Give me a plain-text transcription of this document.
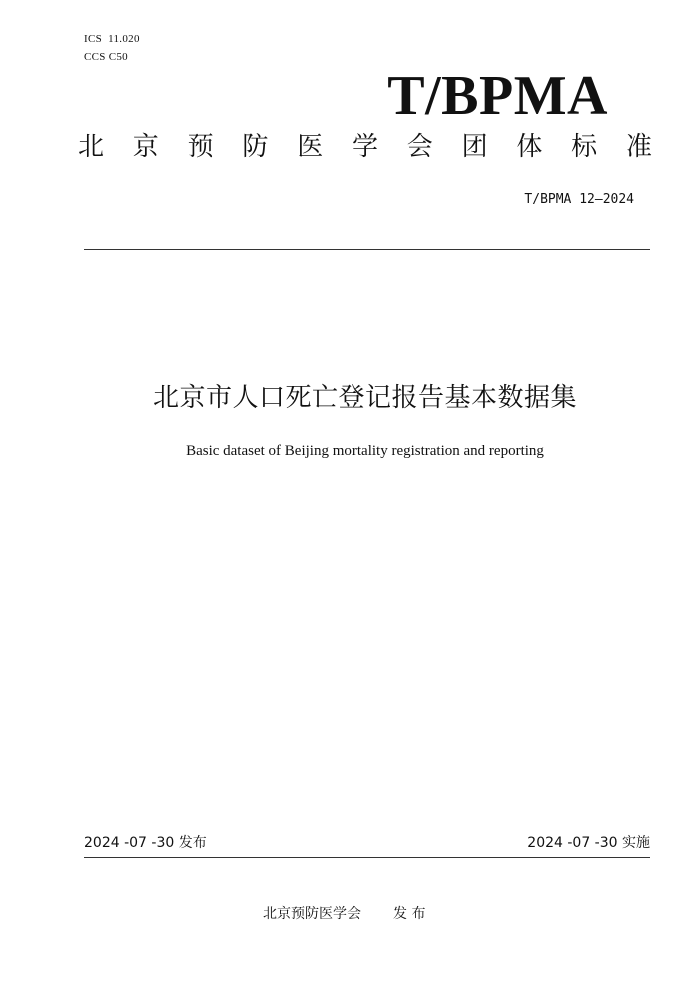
ICS  11.020
CCS C50
T/BPMA
北 京 预 防 医 学 会 团 体 标 准
T/BPMA 12—2024
北京市人口死亡登记报告基本数据集
Basic dataset of Beijing mortality registration and reporting
2024 -07 -30 发布	2024 -07 -30 实施
北京预防医学会 发 布
